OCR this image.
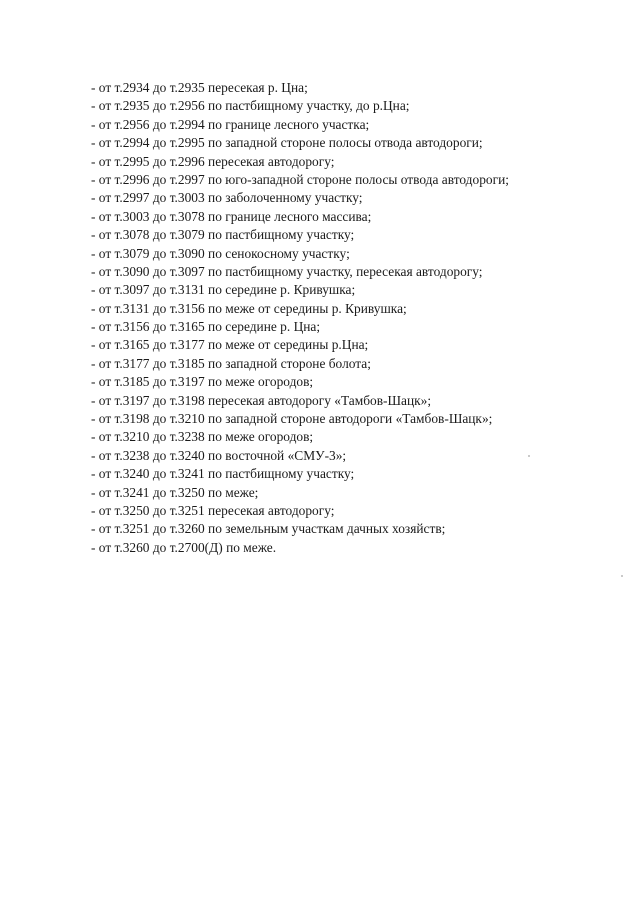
- от т.2934 до т.2935 пересекая р. Цна;
- от т.2935 до т.2956 по пастбищному участку, до р.Цна;
- от т.2956 до т.2994 по границе лесного участка;
- от т.2994 до т.2995 по западной стороне полосы отвода автодороги;
- от т.2995 до т.2996 пересекая автодорогу;
- от т.2996 до т.2997 по юго-западной стороне полосы отвода автодороги;
- от т.2997 до т.3003 по заболоченному участку;
- от т.3003 до т.3078 по границе лесного массива;
- от т.3078 до т.3079 по пастбищному участку;
- от т.3079 до т.3090 по сенокосному участку;
- от т.3090 до т.3097 по пастбищному участку, пересекая автодорогу;
- от т.3097 до т.3131 по середине р. Кривушка;
- от т.3131 до т.3156 по меже от середины р. Кривушка;
- от т.3156 до т.3165 по середине р. Цна;
- от т.3165 до т.3177 по меже от середины р.Цна;
- от т.3177 до т.3185 по западной стороне болота;
- от т.3185 до т.3197 по меже огородов;
- от т.3197 до т.3198 пересекая автодорогу «Тамбов-Шацк»;
- от т.3198 до т.3210 по западной стороне автодороги «Тамбов-Шацк»;
- от т.3210 до т.3238 по меже огородов;
- от т.3238 до т.3240 по восточной «СМУ-3»;
- от т.3240 до т.3241 по пастбищному участку;
- от т.3241 до т.3250 по меже;
- от т.3250 до т.3251 пересекая автодорогу;
- от т.3251 до т.3260 по земельным участкам дачных хозяйств;
- от т.3260 до т.2700(Д) по меже.
